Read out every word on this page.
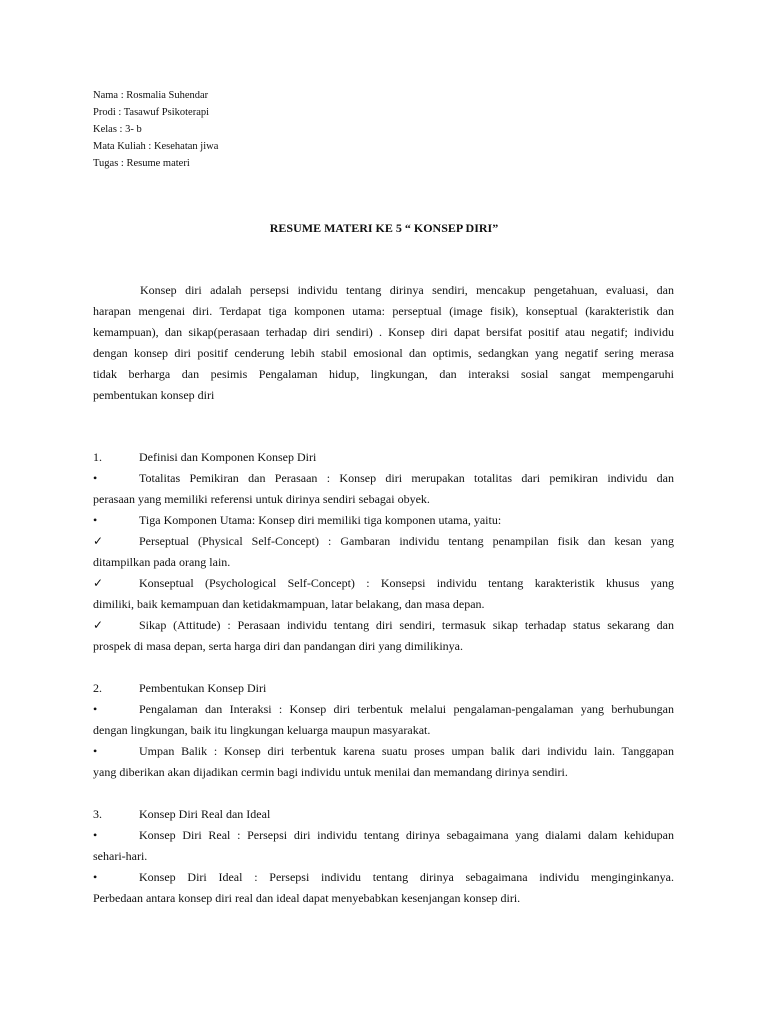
Nama : Rosmalia Suhendar
Prodi : Tasawuf Psikoterapi
Kelas : 3- b
Mata Kuliah : Kesehatan jiwa
Tugas : Resume materi
RESUME MATERI KE 5 “ KONSEP DIRI”
Konsep diri adalah persepsi individu tentang dirinya sendiri, mencakup pengetahuan, evaluasi, dan
harapan mengenai diri. Terdapat tiga komponen utama: perseptual (image fisik), konseptual (karakteristik dan
kemampuan), dan sikap(perasaan terhadap diri sendiri) . Konsep diri dapat bersifat positif atau negatif; individu
dengan konsep diri positif cenderung lebih stabil emosional dan optimis, sedangkan yang negatif sering merasa
tidak berharga dan pesimis Pengalaman hidup, lingkungan, dan interaksi sosial sangat mempengaruhi
pembentukan konsep diri
1.	Definisi dan Komponen Konsep Diri
•	Totalitas Pemikiran dan Perasaan : Konsep diri merupakan totalitas dari pemikiran individu dan
perasaan yang memiliki referensi untuk dirinya sendiri sebagai obyek.
•	Tiga Komponen Utama: Konsep diri memiliki tiga komponen utama, yaitu:
✓	Perseptual (Physical Self-Concept) : Gambaran individu tentang penampilan fisik dan kesan yang
ditampilkan pada orang lain.
✓	Konseptual (Psychological Self-Concept) : Konsepsi individu tentang karakteristik khusus yang
dimiliki, baik kemampuan dan ketidakmampuan, latar belakang, dan masa depan.
✓	Sikap (Attitude) : Perasaan individu tentang diri sendiri, termasuk sikap terhadap status sekarang dan
prospek di masa depan, serta harga diri dan pandangan diri yang dimilikinya.
2.	Pembentukan Konsep Diri
•	Pengalaman dan Interaksi : Konsep diri terbentuk melalui pengalaman-pengalaman yang berhubungan
dengan lingkungan, baik itu lingkungan keluarga maupun masyarakat.
•	Umpan Balik : Konsep diri terbentuk karena suatu proses umpan balik dari individu lain. Tanggapan
yang diberikan akan dijadikan cermin bagi individu untuk menilai dan memandang dirinya sendiri.
3.	Konsep Diri Real dan Ideal
•	Konsep Diri Real : Persepsi diri individu tentang dirinya sebagaimana yang dialami dalam kehidupan
sehari-hari.
•	Konsep Diri Ideal : Persepsi individu tentang dirinya sebagaimana individu menginginkanya.
Perbedaan antara konsep diri real dan ideal dapat menyebabkan kesenjangan konsep diri.
